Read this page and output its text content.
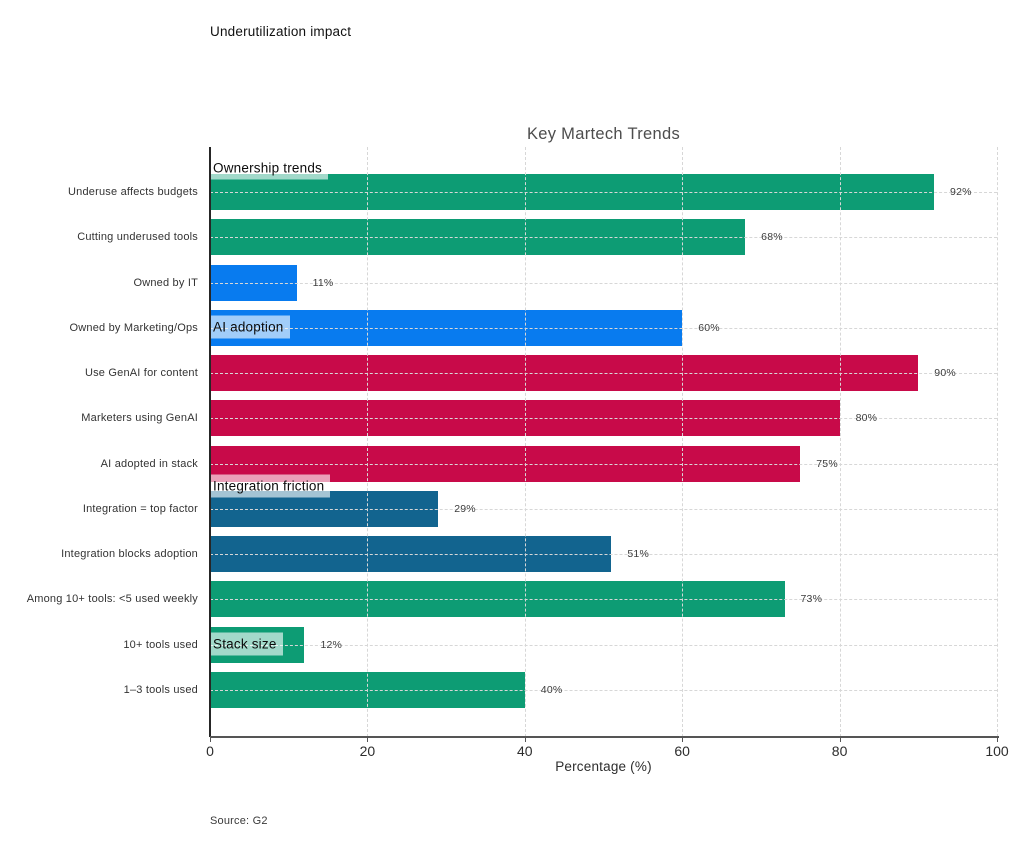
Underutilization impact
Key Martech Trends
Underuse affects budgets
Cutting underused tools
Owned by IT
Owned by Marketing/Ops
Use GenAI for content
Marketers using GenAI
AI adopted in stack
Integration = top factor
Integration blocks adoption
Among 10+ tools: <5 used weekly
10+ tools used
1–3 tools used
92%
68%
11%
60%
90%
80%
75%
29%
51%
73%
12%
40%
Ownership trends
AI adoption
Integration friction
Stack size
0	20	40	60	80	100
Percentage (%)
Source: G2
